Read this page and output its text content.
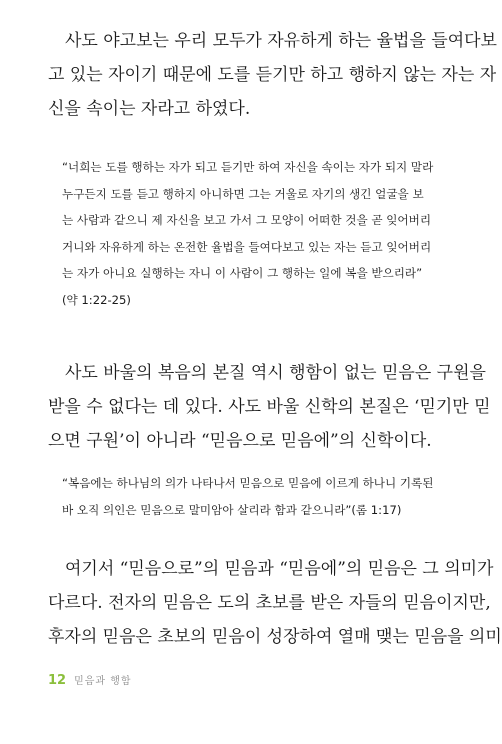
사도 야고보는 우리 모두가 자유하게 하는 율법을 들여다보
고 있는 자이기 때문에 도를 듣기만 하고 행하지 않는 자는 자
신을 속이는 자라고 하였다.
“너희는 도를 행하는 자가 되고 듣기만 하여 자신을 속이는 자가 되지 말라
누구든지 도를 듣고 행하지 아니하면 그는 거울로 자기의 생긴 얼굴을 보
는 사람과 같으니 제 자신을 보고 가서 그 모양이 어떠한 것을 곧 잊어버리
거니와 자유하게 하는 온전한 율법을 들여다보고 있는 자는 듣고 잊어버리
는 자가 아니요 실행하는 자니 이 사람이 그 행하는 일에 복을 받으리라”
(약 1:22-25)
사도 바울의 복음의 본질 역시 행함이 없는 믿음은 구원을
받을 수 없다는 데 있다. 사도 바울 신학의 본질은 ‘믿기만 믿
으면 구원’이 아니라 “믿음으로 믿음에”의 신학이다.
“복음에는 하나님의 의가 나타나서 믿음으로 믿음에 이르게 하나니 기록된
바 오직 의인은 믿음으로 말미암아 살리라 함과 같으니라”(롬 1:17)
여기서 “믿음으로”의 믿음과 “믿음에”의 믿음은 그 의미가
다르다. 전자의 믿음은 도의 초보를 받은 자들의 믿음이지만,
후자의 믿음은 초보의 믿음이 성장하여 열매 맺는 믿음을 의미
12 믿음과 행함
